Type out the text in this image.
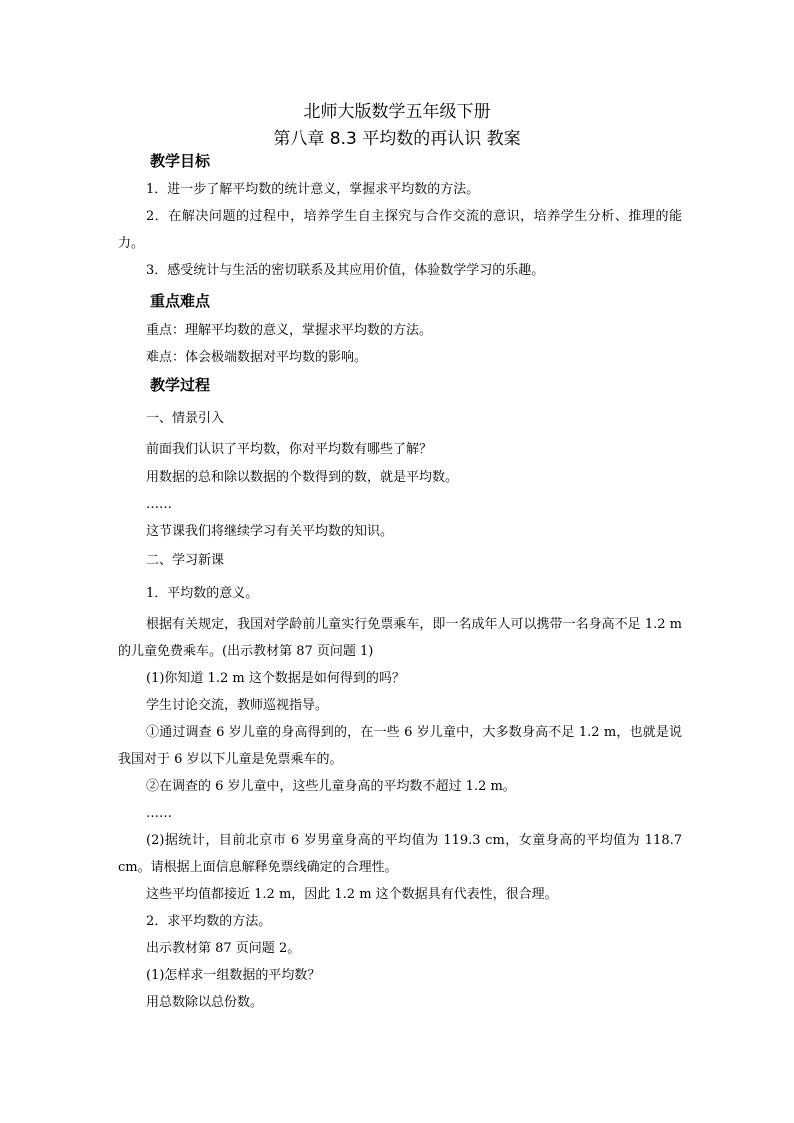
北师大版数学五年级下册
第八章 8.3 平均数的再认识 教案
教学目标

1．进一步了解平均数的统计意义，掌握求平均数的方法。

2．在解决问题的过程中，培养学生自主探究与合作交流的意识，培养学生分析、推理的能力。

3．感受统计与生活的密切联系及其应用价值，体验数学学习的乐趣。

重点难点

重点：理解平均数的意义，掌握求平均数的方法。

难点：体会极端数据对平均数的影响。

教学过程

一、情景引入

前面我们认识了平均数，你对平均数有哪些了解？

用数据的总和除以数据的个数得到的数，就是平均数。

……

这节课我们将继续学习有关平均数的知识。

二、学习新课

1．平均数的意义。

根据有关规定，我国对学龄前儿童实行免票乘车，即一名成年人可以携带一名身高不足 1.2 m 的儿童免费乘车。(出示教材第 87 页问题 1)

(1)你知道 1.2 m 这个数据是如何得到的吗？

学生讨论交流，教师巡视指导。

①通过调查 6 岁儿童的身高得到的，在一些 6 岁儿童中，大多数身高不足 1.2 m，也就是说我国对于 6 岁以下儿童是免票乘车的。

②在调查的 6 岁儿童中，这些儿童身高的平均数不超过 1.2 m。

……

(2)据统计，目前北京市 6 岁男童身高的平均值为 119.3 cm，女童身高的平均值为 118.7 cm。请根据上面信息解释免票线确定的合理性。

这些平均值都接近 1.2 m，因此 1.2 m 这个数据具有代表性，很合理。

2．求平均数的方法。

出示教材第 87 页问题 2。

(1)怎样求一组数据的平均数？

用总数除以总份数。
